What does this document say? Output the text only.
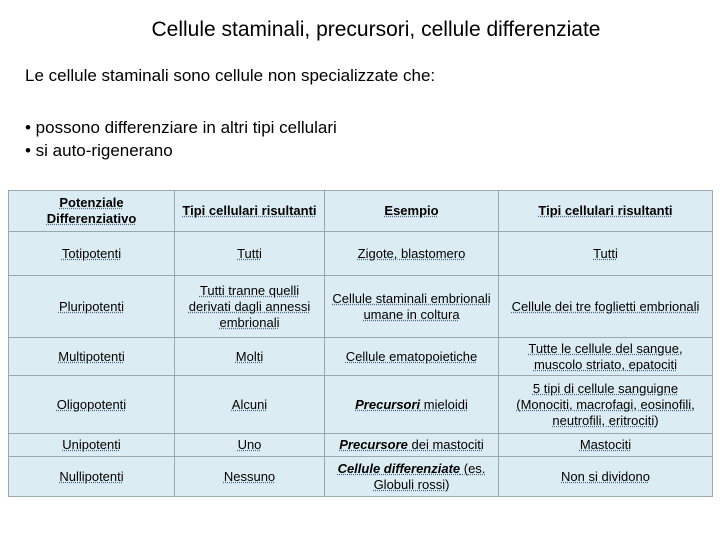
Cellule staminali, precursori, cellule differenziate
Le cellule staminali sono cellule non specializzate che:
• possono differenziare in altri tipi cellulari
• si auto-rigenerano
Potenziale Differenziativo	Tipi cellulari risultanti	Esempio	Tipi cellulari risultanti
Totipotenti	Tutti	Zigote, blastomero	Tutti
Pluripotenti	Tutti tranne quelli derivati dagli annessi embrionali	Cellule staminali embrionali umane in coltura	Cellule dei tre foglietti embrionali
Multipotenti	Molti	Cellule ematopoietiche	Tutte le cellule del sangue, muscolo striato, epatociti
Oligopotenti	Alcuni	Precursori mieloidi	5 tipi di cellule sanguigne (Monociti, macrofagi, eosinofili, neutrofili, eritrociti)
Unipotenti	Uno	Precursore dei mastociti	Mastociti
Nullipotenti	Nessuno	Cellule differenziate (es. Globuli rossi)	Non si dividono
